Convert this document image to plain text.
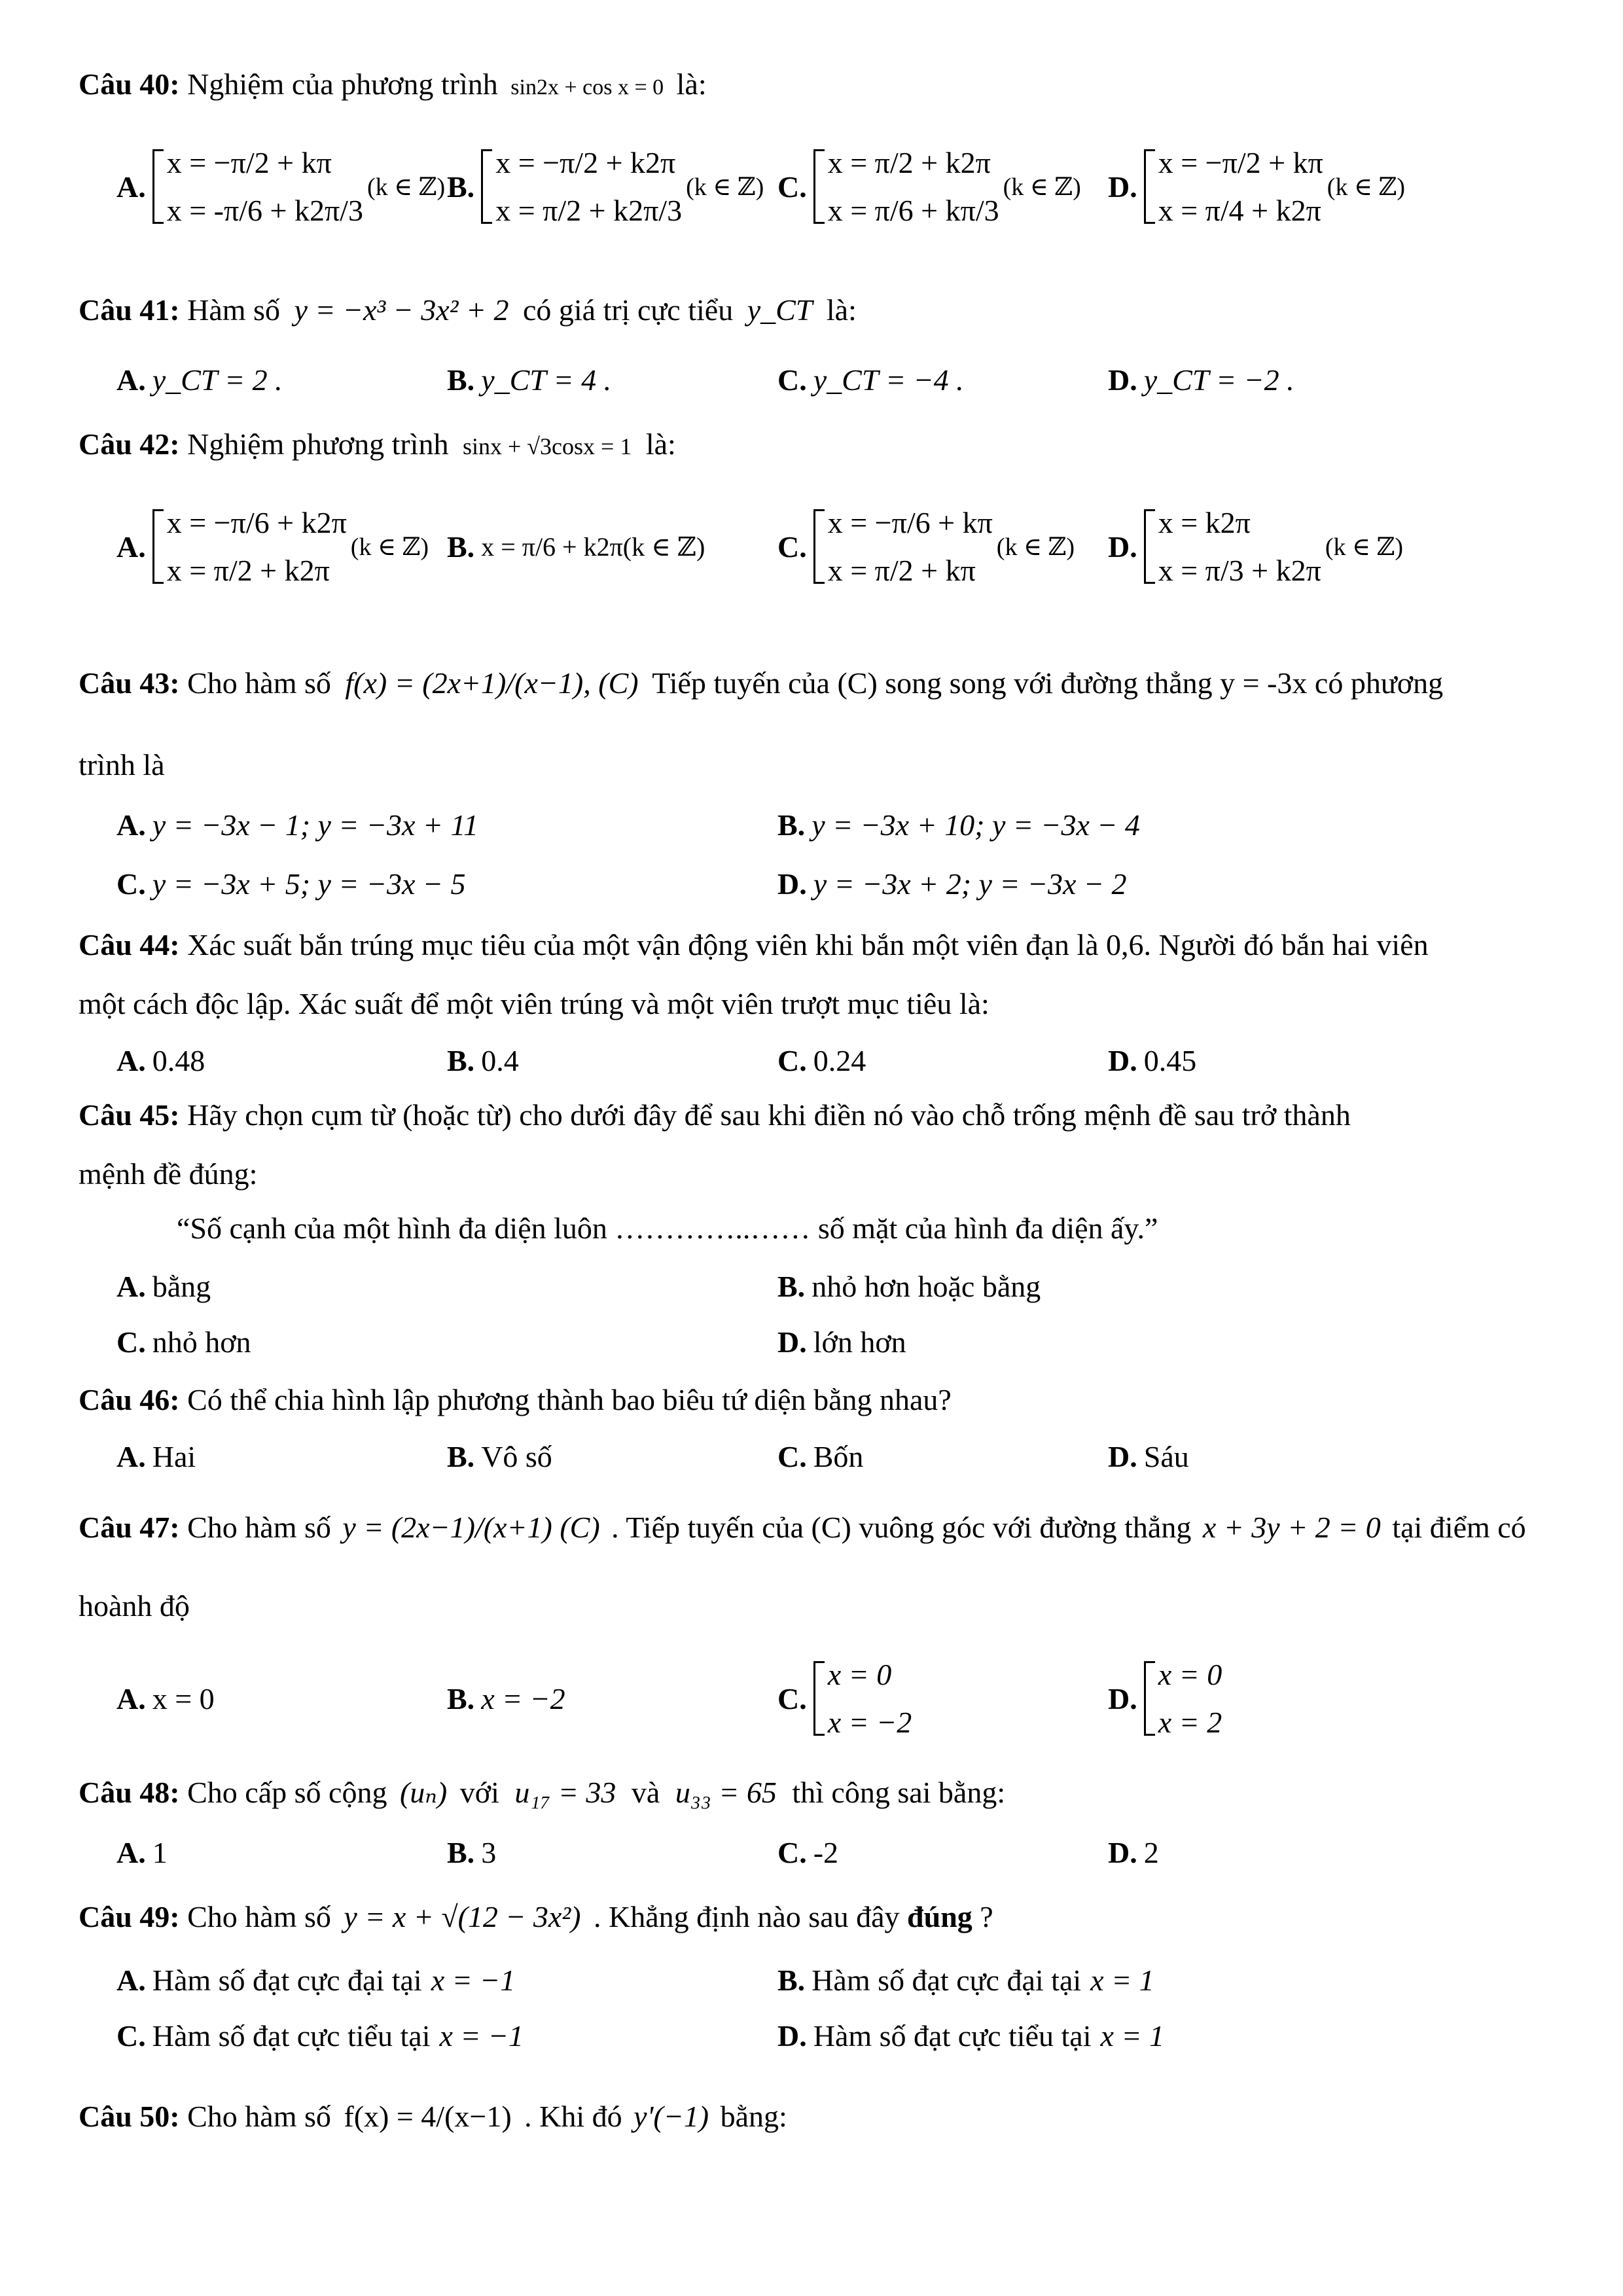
Câu 40: Nghiệm của phương trình sin2x + cos x = 0 là:
A.
x = −π/2 + kπ
x = -π/6 + k2π/3
(k ∈ ℤ) B.
x = −π/2 + k2π
x = π/2 + k2π/3
(k ∈ ℤ) C.
x = π/2 + k2π
x = π/6 + kπ/3
(k ∈ ℤ) D.
x = −π/2 + kπ
x = π/4 + k2π
(k ∈ ℤ)
Câu 41: Hàm số y = −x³ − 3x² + 2 có giá trị cực tiểu y_CT là:
A. y_CT = 2 .	B. y_CT = 4 .	C. y_CT = −4 .	D. y_CT = −2 .
Câu 42: Nghiệm phương trình sinx + √3cosx = 1 là:
A.
x = −π/6 + k2π
x = π/2 + k2π
(k ∈ ℤ) B. x = π/6 + k2π(k ∈ ℤ) C.
x = −π/6 + kπ
x = π/2 + kπ
(k ∈ ℤ) D.
x = k2π
x = π/3 + k2π
(k ∈ ℤ)
Câu 43: Cho hàm số f(x) = (2x+1)/(x−1), (C) Tiếp tuyến của (C) song song với đường thẳng y = -3x có phương
trình là
A. y = −3x − 1; y = −3x + 11	B. y = −3x + 10; y = −3x − 4
C. y = −3x + 5; y = −3x − 5	D. y = −3x + 2; y = −3x − 2
Câu 44: Xác suất bắn trúng mục tiêu của một vận động viên khi bắn một viên đạn là 0,6. Người đó bắn hai viên
một cách độc lập. Xác suất để một viên trúng và một viên trượt mục tiêu là:
A. 0.48	B. 0.4	C. 0.24	D. 0.45
Câu 45: Hãy chọn cụm từ (hoặc từ) cho dưới đây để sau khi điền nó vào chỗ trống mệnh đề sau trở thành
mệnh đề đúng:
“Số cạnh của một hình đa diện luôn …………..…… số mặt của hình đa diện ấy.”
A. bằng	B. nhỏ hơn hoặc bằng
C. nhỏ hơn	D. lớn hơn
Câu 46: Có thể chia hình lập phương thành bao biêu tứ diện bằng nhau?
A. Hai	B. Vô số	C. Bốn	D. Sáu
Câu 47: Cho hàm số y = (2x−1)/(x+1) (C) . Tiếp tuyến của (C) vuông góc với đường thẳng x + 3y + 2 = 0 tại điểm có
hoành độ
A. x = 0	B. x = −2	C.
x = 0
x = −2
D.
x = 0
x = 2
Câu 48: Cho cấp số cộng (uₙ) với u₁₇ = 33 và u₃₃ = 65 thì công sai bằng:
A. 1	B. 3	C. -2	D. 2
Câu 49: Cho hàm số y = x + √(12 − 3x²) . Khẳng định nào sau đây đúng ?
A. Hàm số đạt cực đại tại x = −1	B. Hàm số đạt cực đại tại x = 1
C. Hàm số đạt cực tiểu tại x = −1	D. Hàm số đạt cực tiểu tại x = 1
Câu 50: Cho hàm số f(x) = 4/(x−1) . Khi đó y'(−1) bằng:
